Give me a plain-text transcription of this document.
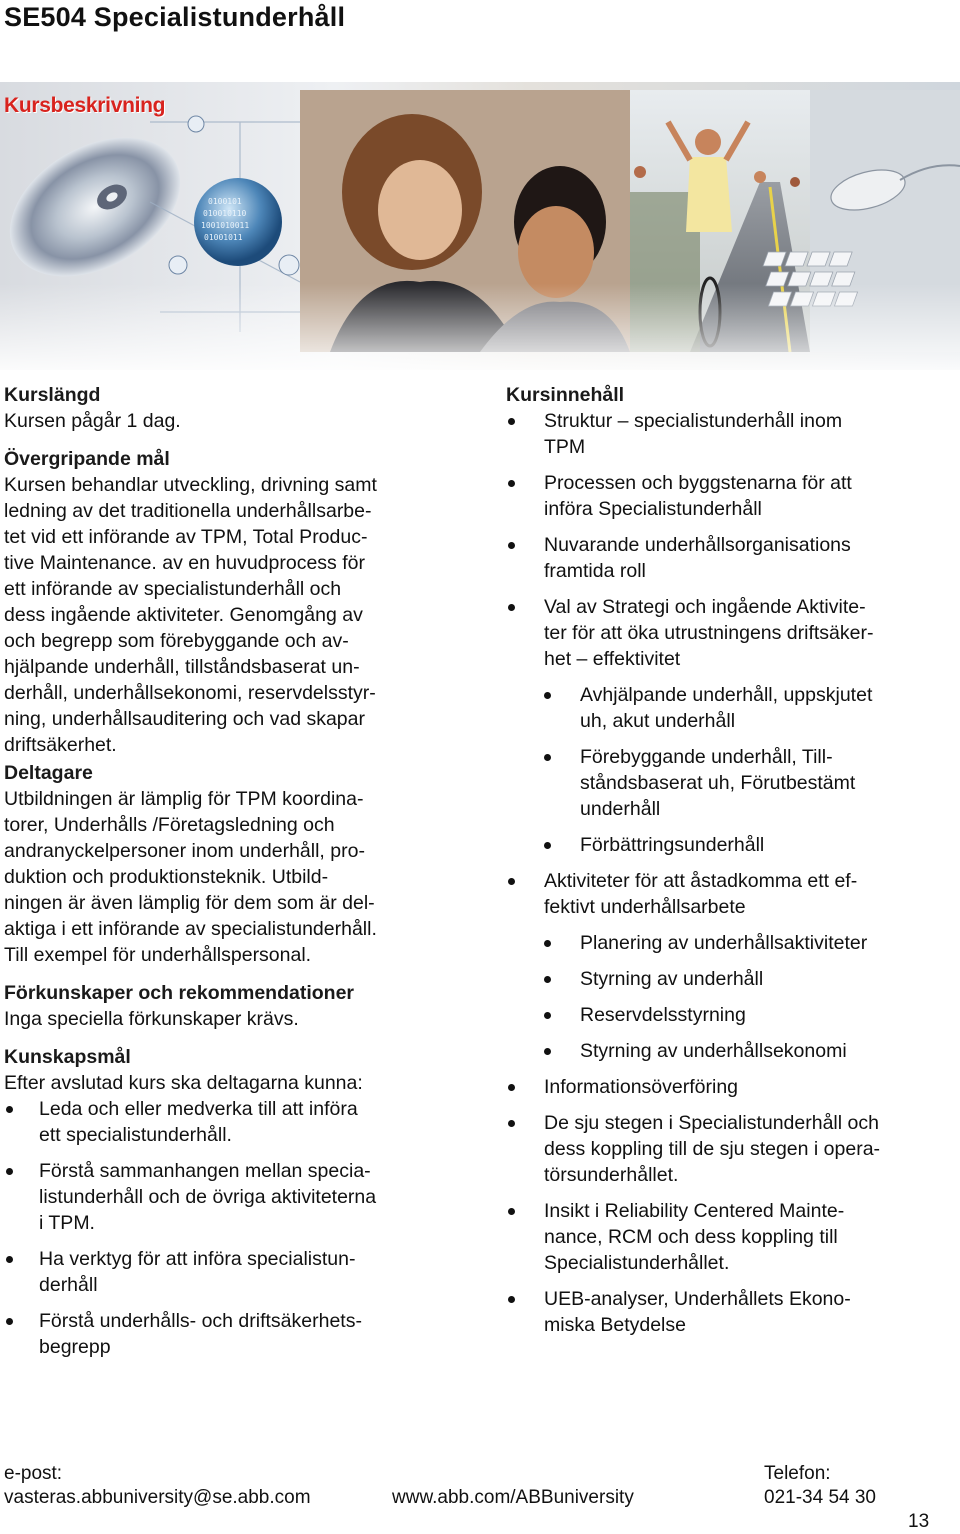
SE504 Specialistunderhåll
Kursbeskrivning
Kurslängd

Kursen pågår 1 dag.

Övergripande mål
Kursen behandlar utveckling, drivning samt
ledning av det traditionella underhållsarbe-
tet vid ett införande av TPM, Total Produc-
tive Maintenance. av en huvudprocess för
ett införande av specialistunderhåll och
dess ingående aktiviteter. Genomgång av
och begrepp som förebyggande och av-
hjälpande underhåll, tillståndsbaserat un-
derhåll, underhållsekonomi, reservdelsstyr-
ning, underhållsauditering och vad skapar
driftsäkerhet.
Deltagare
Utbildningen är lämplig för TPM koordina-
torer, Underhålls /Företagsledning och
andranyckelpersoner inom underhåll, pro-
duktion och produktionsteknik. Utbild-
ningen är även lämplig för dem som är del-
aktiga i ett införande av specialistunderhåll.
Till exempel för underhållspersonal.
Förkunskaper och rekommendationer

Inga speciella förkunskaper krävs.

Kunskapsmål

Efter avslutad kurs ska deltagarna kunna:

Leda och eller medverka till att införa
ett specialistunderhåll.
Förstå sammanhangen mellan specia-
listunderhåll och de övriga aktiviteterna
i TPM.
Ha verktyg för att införa specialistun-
derhåll
Förstå underhålls- och driftsäkerhets-
begrepp
Kursinnehåll
Struktur – specialistunderhåll inom
TPM
Processen och byggstenarna för att
införa Specialistunderhåll
Nuvarande underhållsorganisations
framtida roll
Val av Strategi och ingående Aktivite-
ter för att öka utrustningens driftsäker-
het – effektivitet
Avhjälpande underhåll, uppskjutet
uh, akut underhåll
Förebyggande underhåll, Till-
ståndsbaserat uh, Förutbestämt
underhåll
Förbättringsunderhåll
Aktiviteter för att åstadkomma ett ef-
fektivt underhållsarbete
Planering av underhållsaktiviteter
Styrning av underhåll
Reservdelsstyrning
Styrning av underhållsekonomi
Informationsöverföring
De sju stegen i Specialistunderhåll och
dess koppling till de sju stegen i opera-
törsunderhållet.
Insikt i Reliability Centered Mainte-
nance, RCM och dess koppling till
Specialistunderhållet.
UEB-analyser, Underhållets Ekono-
miska Betydelse
e-post:
vasteras.abbuniversity@se.abb.com	www.abb.com/ABBuniversity
Telefon:
021-34 54 30
13
